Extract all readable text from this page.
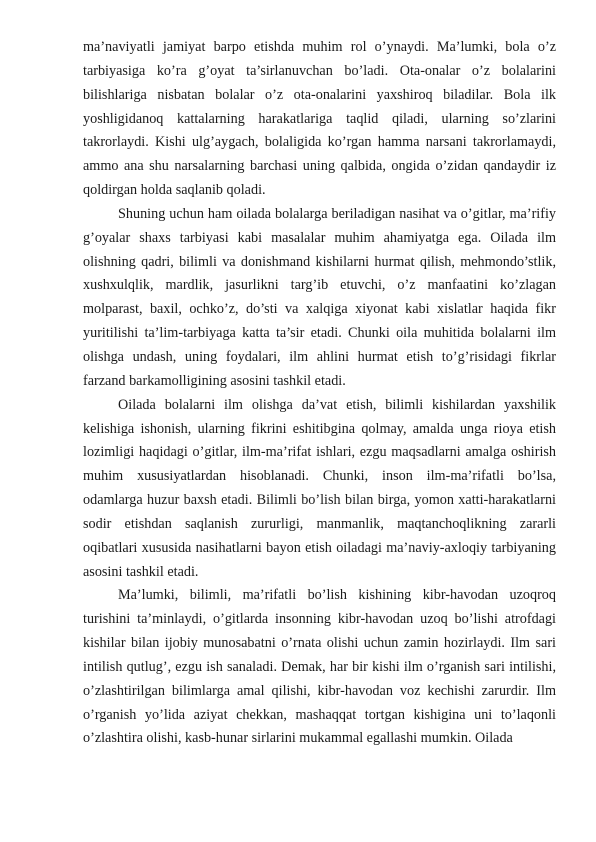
ma’naviyatli jamiyat barpo etishda muhim rol o’ynaydi. Ma’lumki, bola o’z tarbiyasiga ko’ra g’oyat ta’sirlanuvchan bo’ladi. Ota-onalar o’z bolalarini bilishlariga nisbatan bolalar o’z ota-onalarini yaxshiroq biladilar. Bola ilk yoshligidanoq kattalarning harakatlariga taqlid qiladi, ularning so’zlarini takrorlaydi. Kishi ulg’aygach, bolaligida ko’rgan hamma narsani takrorlamaydi, ammo ana shu narsalarning barchasi uning qalbida, ongida o’zidan qandaydir iz qoldirgan holda saqlanib qoladi.

Shuning uchun ham oilada bolalarga beriladigan nasihat va o’gitlar, ma’rifiy g’oyalar shaxs tarbiyasi kabi masalalar muhim ahamiyatga ega. Oilada ilm olishning qadri, bilimli va donishmand kishilarni hurmat qilish, mehmondo’stlik, xushxulqlik, mardlik, jasurlikni targ’ib etuvchi, o’z manfaatini ko’zlagan molparast, baxil, ochko’z, do’sti va xalqiga xiyonat kabi xislatlar haqida fikr yuritilishi ta’lim-tarbiyaga katta ta’sir etadi. Chunki oila muhitida bolalarni ilm olishga undash, uning foydalari, ilm ahlini hurmat etish to’g’risidagi fikrlar farzand barkamolligining asosini tashkil etadi.

Oilada bolalarni ilm olishga da’vat etish, bilimli kishilardan yaxshilik kelishiga ishonish, ularning fikrini eshitibgina qolmay, amalda unga rioya etish lozimligi haqidagi o’gitlar, ilm-ma’rifat ishlari, ezgu maqsadlarni amalga oshirish muhim xususiyatlardan hisoblanadi. Chunki, inson ilm-ma’rifatli bo’lsa, odamlarga huzur baxsh etadi. Bilimli bo’lish bilan birga, yomon xatti-harakatlarni sodir etishdan saqlanish zururligi, manmanlik, maqtanchoqlikning zararli oqibatlari xususida nasihatlarni bayon etish oiladagi ma’naviy-axloqiy tarbiyaning asosini tashkil etadi.

Ma’lumki, bilimli, ma’rifatli bo’lish kishining kibr-havodan uzoqroq turishini ta’minlaydi, o’gitlarda insonning kibr-havodan uzoq bo’lishi atrofdagi kishilar bilan ijobiy munosabatni o’rnata olishi uchun zamin hozirlaydi. Ilm sari intilish qutlug’, ezgu ish sanaladi. Demak, har bir kishi ilm o’rganish sari intilishi, o’zlashtirilgan bilimlarga amal qilishi, kibr-havodan voz kechishi zarurdir. Ilm o’rganish yo’lida aziyat chekkan, mashaqqat tortgan kishigina uni to’laqonli o’zlashtira olishi, kasb-hunar sirlarini mukammal egallashi mumkin. Oilada
